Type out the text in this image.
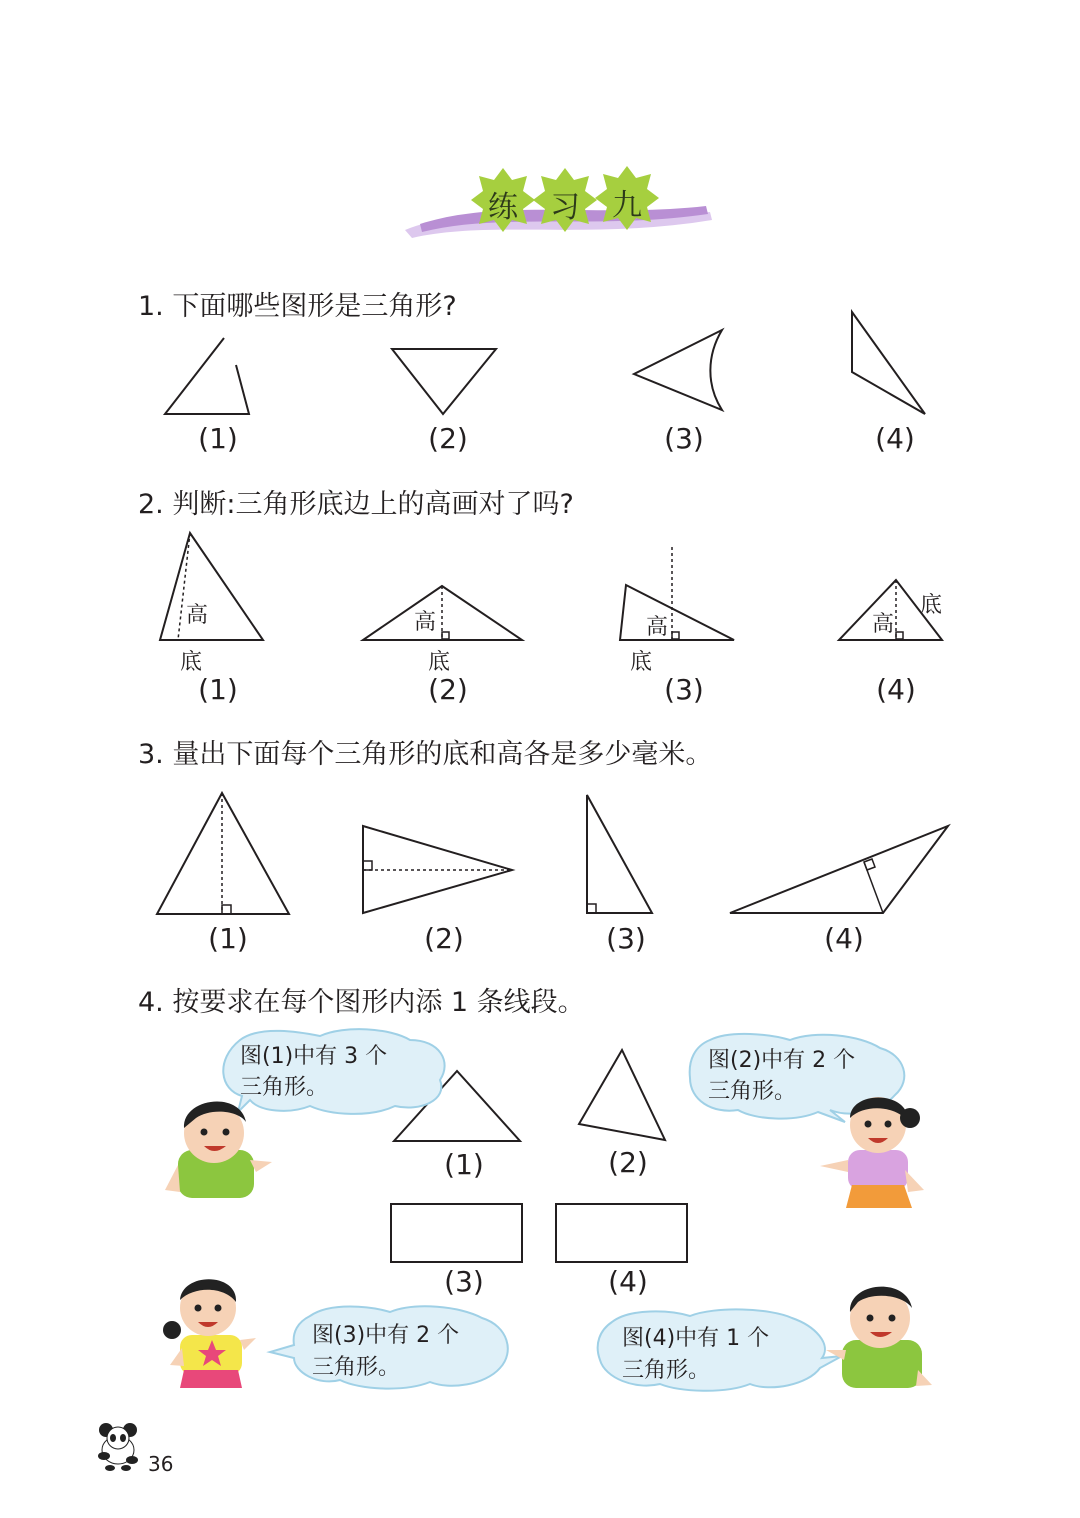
练 习 九
1. 下面哪些图形是三角形?
(1)	(2)	(3)	(4)
2. 判断:三角形底边上的高画对了吗?
高
底
高
底
高
底
高
底
(1)	(2)	(3)	(4)
3. 量出下面每个三角形的底和高各是多少毫米。
(1)	(2)	(3)	(4)
4. 按要求在每个图形内添 1 条线段。
(1)	(2)
(3)	(4)
图(1)中有 3 个
三角形。
图(2)中有 2 个
三角形。
图(3)中有 2 个
三角形。
图(4)中有 1 个
三角形。
36
